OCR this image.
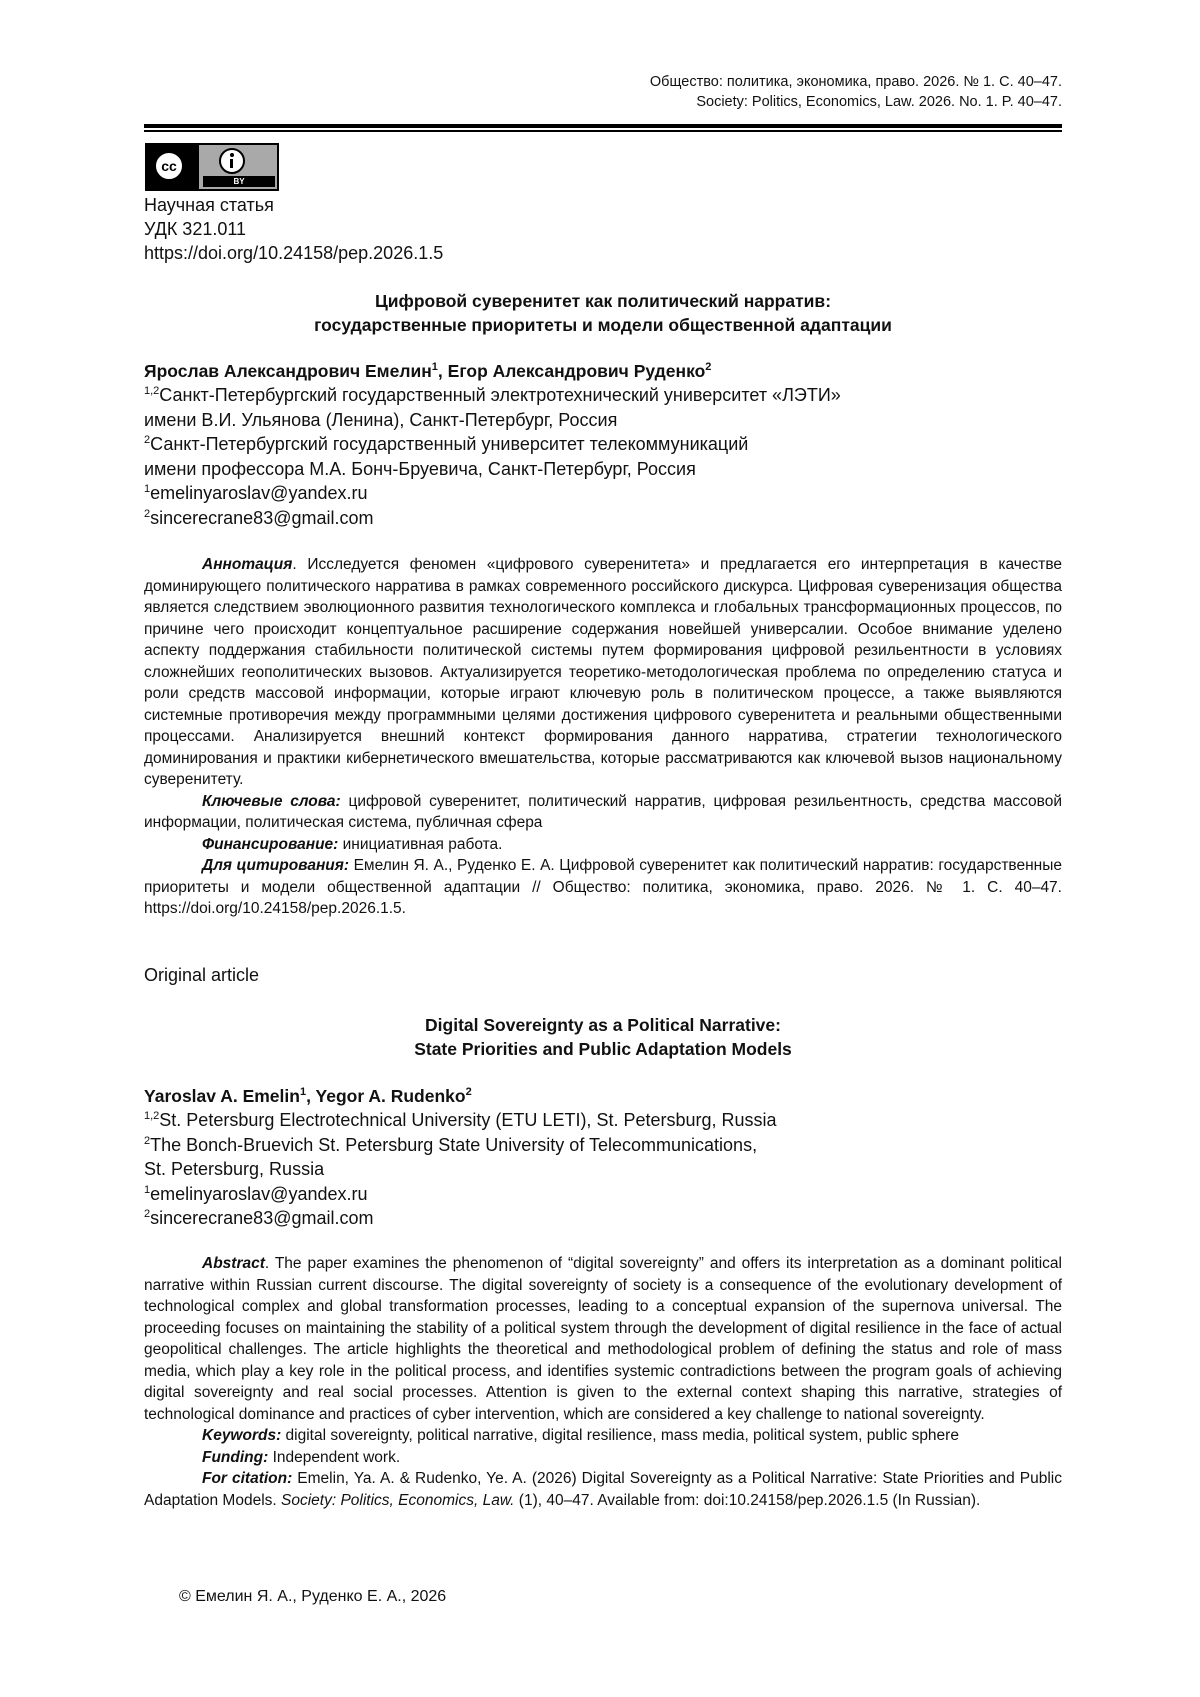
Общество: политика, экономика, право. 2026. № 1. С. 40–47.
Society: Politics, Economics, Law. 2026. No. 1. P. 40–47.
cc
BY
Научная статья
УДК 321.011
https://doi.org/10.24158/pep.2026.1.5
Цифровой суверенитет как политический нарратив:
государственные приоритеты и модели общественной адаптации
Ярослав Александрович Емелин$^1$, Егор Александрович Руденко$^2$
$^{1,2}$Санкт-Петербургский государственный электротехнический университет «ЛЭТИ»
имени В.И. Ульянова (Ленина), Санкт-Петербург, Россия
$^2$Санкт-Петербургский государственный университет телекоммуникаций
имени профессора М.А. Бонч-Бруевича, Санкт-Петербург, Россия
$^1$emelinyaroslav@yandex.ru
$^2$sincerecrane83@gmail.com

Аннотация. Исследуется феномен «цифрового суверенитета» и предлагается его интерпретация в качестве доминирующего политического нарратива в рамках современного российского дискурса. Цифровая суверенизация общества является следствием эволюционного развития технологического комплекса и глобальных трансформационных процессов, по причине чего происходит концептуальное расширение содержания новейшей универсалии. Особое внимание уделено аспекту поддержания стабильности политической системы путем формирования цифровой резильентности в условиях сложнейших геополитических вызовов. Актуализируется теоретико-методологическая проблема по определению статуса и роли средств массовой информации, которые играют ключевую роль в политическом процессе, а также выявляются системные противоречия между программными целями достижения цифрового суверенитета и реальными общественными процессами. Анализируется внешний контекст формирования данного нарратива, стратегии технологического доминирования и практики кибернетического вмешательства, которые рассматриваются как ключевой вызов национальному суверенитету.

Ключевые слова: цифровой суверенитет, политический нарратив, цифровая резильентность, средства массовой информации, политическая система, публичная сфера

Финансирование: инициативная работа.

Для цитирования: Емелин Я. А., Руденко Е. А. Цифровой суверенитет как политический нарратив: государственные приоритеты и модели общественной адаптации // Общество: политика, экономика, право. 2026. № 1. С. 40–47. https://doi.org/10.24158/pep.2026.1.5.

Original article
Digital Sovereignty as a Political Narrative:
State Priorities and Public Adaptation Models
Yaroslav A. Emelin$^1$, Yegor A. Rudenko$^2$
$^{1,2}$St. Petersburg Electrotechnical University (ETU LETI), St. Petersburg, Russia
$^2$The Bonch-Bruevich St. Petersburg State University of Telecommunications,
St. Petersburg, Russia
$^1$emelinyaroslav@yandex.ru
$^2$sincerecrane83@gmail.com

Abstract. The paper examines the phenomenon of “digital sovereignty” and offers its interpretation as a dominant political narrative within Russian current discourse. The digital sovereignty of society is a consequence of the evolutionary development of technological complex and global transformation processes, leading to a conceptual expansion of the supernova universal. The proceeding focuses on maintaining the stability of a political system through the development of digital resilience in the face of actual geopolitical challenges. The article highlights the theoretical and methodological problem of defining the status and role of mass media, which play a key role in the political process, and identifies systemic contradictions between the program goals of achieving digital sovereignty and real social processes. Attention is given to the external context shaping this narrative, strategies of technological dominance and practices of cyber intervention, which are considered a key challenge to national sovereignty.

Keywords: digital sovereignty, political narrative, digital resilience, mass media, political system, public sphere

Funding: Independent work.

For citation: Emelin, Ya. A. & Rudenko, Ye. A. (2026) Digital Sovereignty as a Political Narrative: State Priorities and Public Adaptation Models. Society: Politics, Economics, Law. (1), 40–47. Available from: doi:10.24158/pep.2026.1.5 (In Russian).

© Емелин Я. А., Руденко Е. А., 2026
